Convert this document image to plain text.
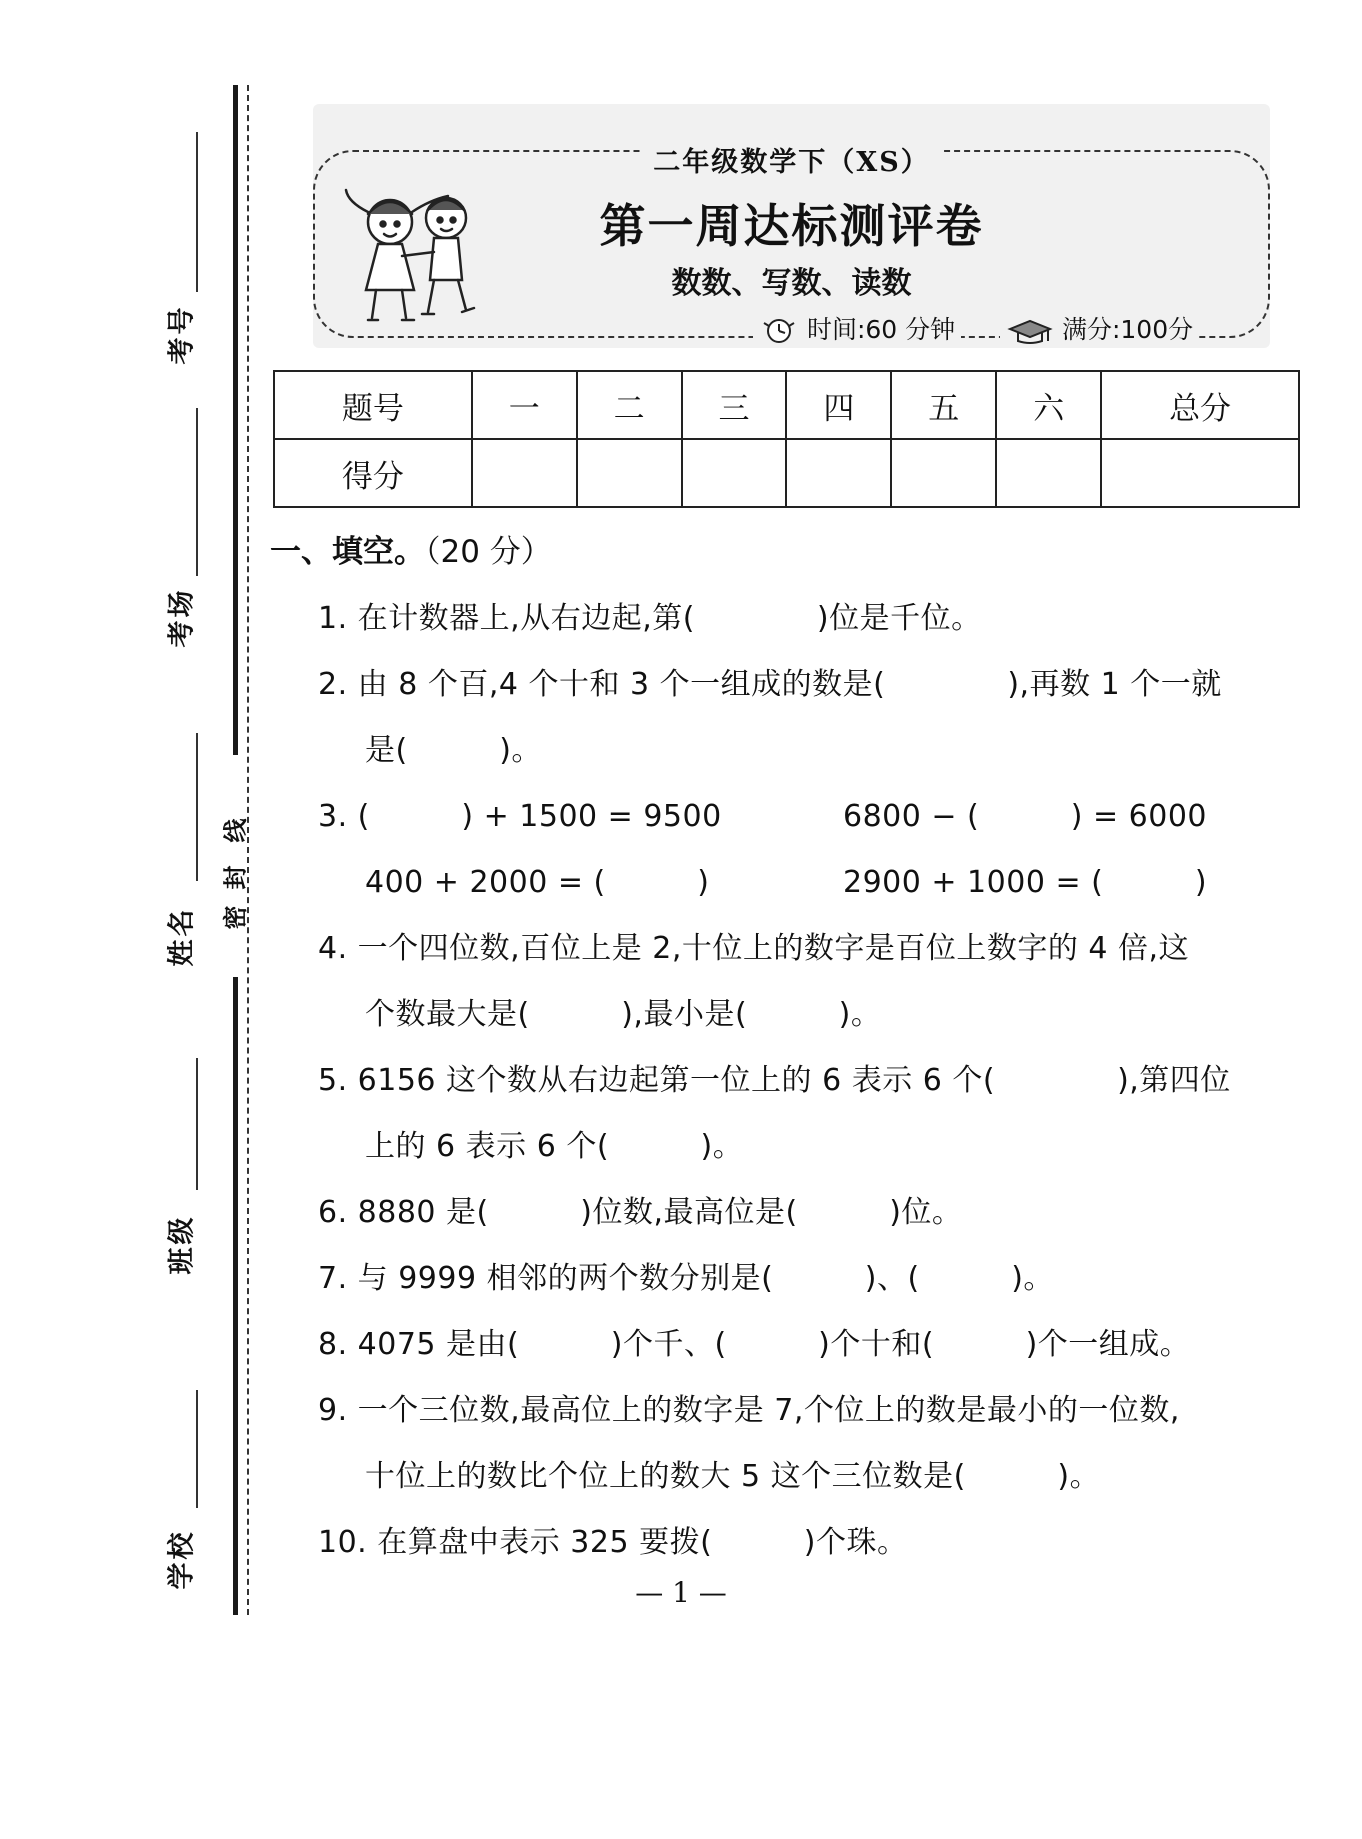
考号
考场
姓名
班级
学校
密
封
线
二年级数学下（XS）
第一周达标测评卷
数数、写数、读数
时间:60 分钟	满分:100分
题号	一	二	三	四	五	六	总分
得分							
一、填空。（20 分）
1. 在计数器上,从右边起,第(　　　　)位是千位。
2. 由 8 个百,4 个十和 3 个一组成的数是(　　　　),再数 1 个一就
是(　　　)。
3. (　　　) + 1500 = 9500	6800 − (　　　) = 6000
400 + 2000 = (　　　)	2900 + 1000 = (　　　)
4. 一个四位数,百位上是 2,十位上的数字是百位上数字的 4 倍,这
个数最大是(　　　),最小是(　　　)。
5. 6156 这个数从右边起第一位上的 6 表示 6 个(　　　　),第四位
上的 6 表示 6 个(　　　)。
6. 8880 是(　　　)位数,最高位是(　　　)位。
7. 与 9999 相邻的两个数分别是(　　　)、(　　　)。
8. 4075 是由(　　　)个千、(　　　)个十和(　　　)个一组成。
9. 一个三位数,最高位上的数字是 7,个位上的数是最小的一位数,
十位上的数比个位上的数大 5 这个三位数是(　　　)。
10. 在算盘中表示 325 要拨(　　　)个珠。
— 1 —
